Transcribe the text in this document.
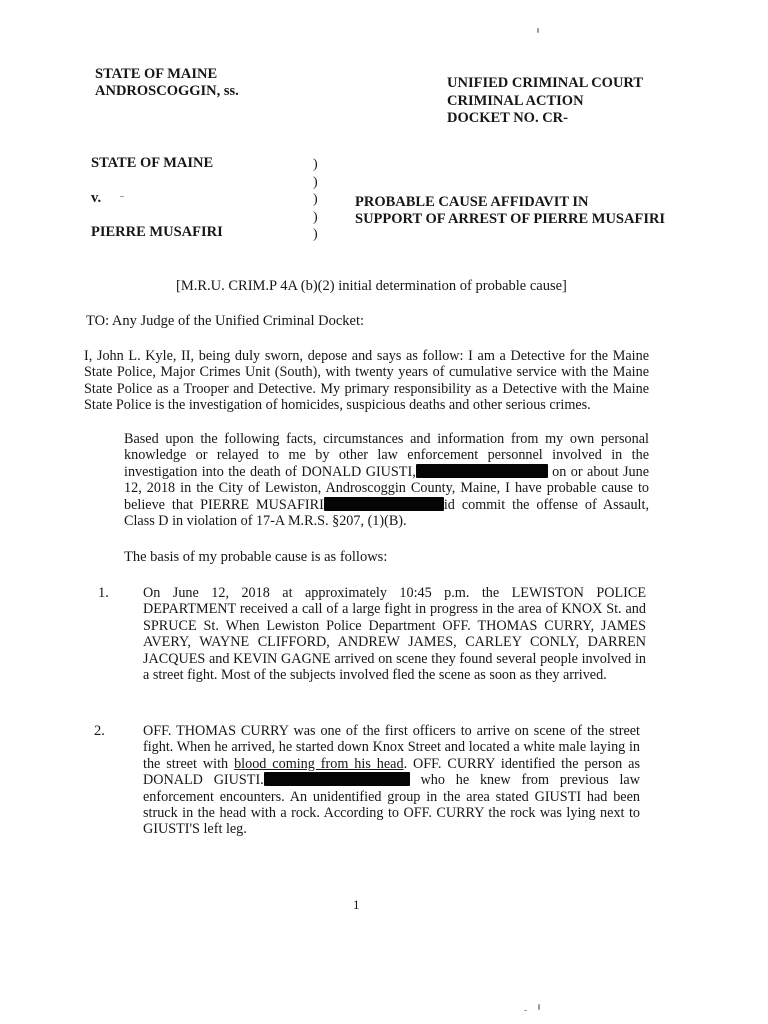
STATE OF MAINE
ANDROSCOGGIN, ss.	UNIFIED CRIMINAL COURT
CRIMINAL ACTION
DOCKET NO. CR-
STATE OF MAINE
v.
PIERRE MUSAFIRI
)
)
)
)
)
PROBABLE CAUSE AFFIDAVIT IN
SUPPORT OF ARREST OF PIERRE MUSAFIRI
[M.R.U. CRIM.P 4A (b)(2) initial determination of probable cause]
TO: Any Judge of the Unified Criminal Docket:

I, John L. Kyle, II, being duly sworn, depose and says as follow: I am a Detective for the Maine State Police, Major Crimes Unit (South), with twenty years of cumulative service with the Maine State Police as a Trooper and Detective. My primary responsibility as a Detective with the Maine State Police is the investigation of homicides, suspicious deaths and other serious crimes.

Based upon the following facts, circumstances and information from my own personal knowledge or relayed to me by other law enforcement personnel involved in the investigation into the death of DONALD GIUSTI,	on or about June 12, 2018 in the City of Lewiston, Androscoggin County, Maine, I have probable cause to believe that PIERRE MUSAFIRI	id commit the offense of Assault, Class D in violation of 17-A M.R.S. §207, (1)(B).

The basis of my probable cause is as follows:
1. On June 12, 2018 at approximately 10:45 p.m. the LEWISTON POLICE DEPARTMENT received a call of a large fight in progress in the area of KNOX St. and SPRUCE St. When Lewiston Police Department OFF. THOMAS CURRY, JAMES AVERY, WAYNE CLIFFORD, ANDREW JAMES, CARLEY CONLY, DARREN JACQUES and KEVIN GAGNE arrived on scene they found several people involved in a street fight. Most of the subjects involved fled the scene as soon as they arrived.

2.	OFF. THOMAS CURRY was one of the first officers to arrive on scene of the street fight. When he arrived, he started down Knox Street and located a white male laying in the street with blood coming from his head. OFF. CURRY identified the person as DONALD GIUSTI.	who he knew from previous law enforcement encounters. An unidentified group in the area stated GIUSTI had been struck in the head with a rock. According to OFF. CURRY the rock was lying next to GIUSTI'S left leg.

1
